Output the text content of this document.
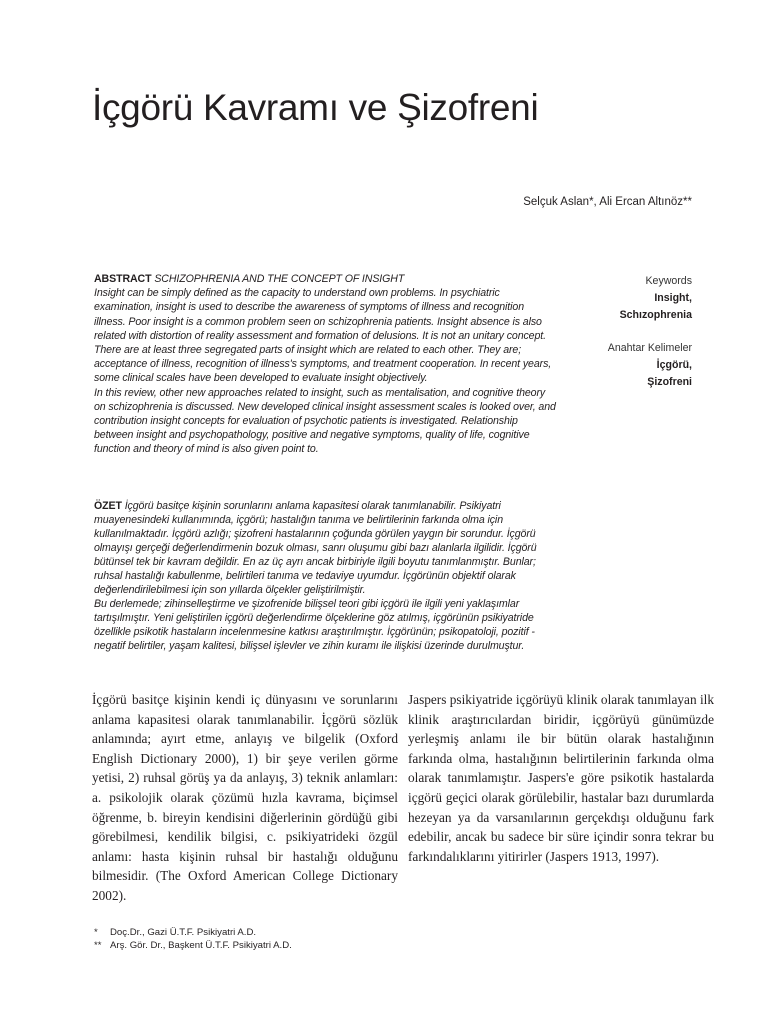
İçgörü Kavramı ve Şizofreni
Selçuk Aslan*, Ali Ercan Altınöz**

ABSTRACT SCHIZOPHRENIA AND THE CONCEPT OF INSIGHT
Insight can be simply defined as the capacity to understand own problems. In psychiatric examination, insight is used to describe the awareness of symptoms of illness and recognition illness. Poor insight is a common problem seen on schizophrenia patients. Insight absence is also related with distortion of reality assessment and formation of delusions. It is not an unitary concept. There are at least three segregated parts of insight which are related to each other. They are; acceptance of illness, recognition of illness's symptoms, and treatment cooperation. In recent years, some clinical scales have been developed to evaluate insight objectively.

In this review, other new approaches related to insight, such as mentalisation, and cognitive theory on schizophrenia is discussed. New developed clinical insight assessment scales is looked over, and contribution insight concepts for evaluation of psychotic patients is investigated. Relationship between insight and psychopathology, positive and negative symptoms, quality of life, cognitive function and theory of mind is also given point to.

ÖZET İçgörü basitçe kişinin sorunlarını anlama kapasitesi olarak tanımlanabilir. Psikiyatri muayenesindeki kullanımında, içgörü; hastalığın tanıma ve belirtilerinin farkında olma için kullanılmaktadır. İçgörü azlığı; şizofreni hastalarının çoğunda görülen yaygın bir sorundur. İçgörü olmayışı gerçeği değerlendirmenin bozuk olması, sanrı oluşumu gibi bazı alanlarla ilgilidir. İçgörü bütünsel tek bir kavram değildir. En az üç ayrı ancak birbiriyle ilgili boyutu tanımlanmıştır. Bunlar; ruhsal hastalığı kabullenme, belirtileri tanıma ve tedaviye uyumdur. İçgörünün objektif olarak değerlendirilebilmesi için son yıllarda ölçekler geliştirilmiştir.

Bu derlemede; zihinselleştirme ve şizofrenide bilişsel teori gibi içgörü ile ilgili yeni yaklaşımlar tartışılmıştır. Yeni geliştirilen içgörü değerlendirme ölçeklerine göz atılmış, içgörünün psikiyatride özellikle psikotik hastaların incelenmesine katkısı araştırılmıştır. İçgörünün; psikopatoloji, pozitif - negatif belirtiler, yaşam kalitesi, bilişsel işlevler ve zihin kuramı ile ilişkisi üzerinde durulmuştur.

Keywords
Insight,
Schızophrenia
Anahtar Kelimeler
İçgörü,
Şizofreni

İçgörü basitçe kişinin kendi iç dünyasını ve sorunlarını anlama kapasitesi olarak tanımlanabilir. İçgörü sözlük anlamında; ayırt etme, anlayış ve bilgelik (Oxford English Dictionary 2000), 1) bir şeye verilen görme yetisi, 2) ruhsal görüş ya da anlayış, 3) teknik anlamları: a. psikolojik olarak çözümü hızla kavrama, biçimsel öğrenme, b. bireyin kendisini diğerlerinin gördüğü gibi görebilmesi, kendilik bilgisi, c. psikiyatrideki özgül anlamı: hasta kişinin ruhsal bir hastalığı olduğunu bilmesidir. (The Oxford American College Dictionary 2002).

Jaspers psikiyatride içgörüyü klinik olarak tanımlayan ilk klinik araştırıcılardan biridir, içgörüyü günümüzde yerleşmiş anlamı ile bir bütün olarak hastalığının farkında olma, hastalığının belirtilerinin farkında olma olarak tanımlamıştır. Jaspers'e göre psikotik hastalarda içgörü geçici olarak görülebilir, hastalar bazı durumlarda hezeyan ya da varsanılarının gerçekdışı olduğunu fark edebilir, ancak bu sadece bir süre içindir sonra tekrar bu farkındalıklarını yitirirler (Jaspers 1913, 1997).

*	Doç.Dr., Gazi Ü.T.F. Psikiyatri A.D.
** Arş. Gör. Dr., Başkent Ü.T.F. Psikiyatri A.D.
